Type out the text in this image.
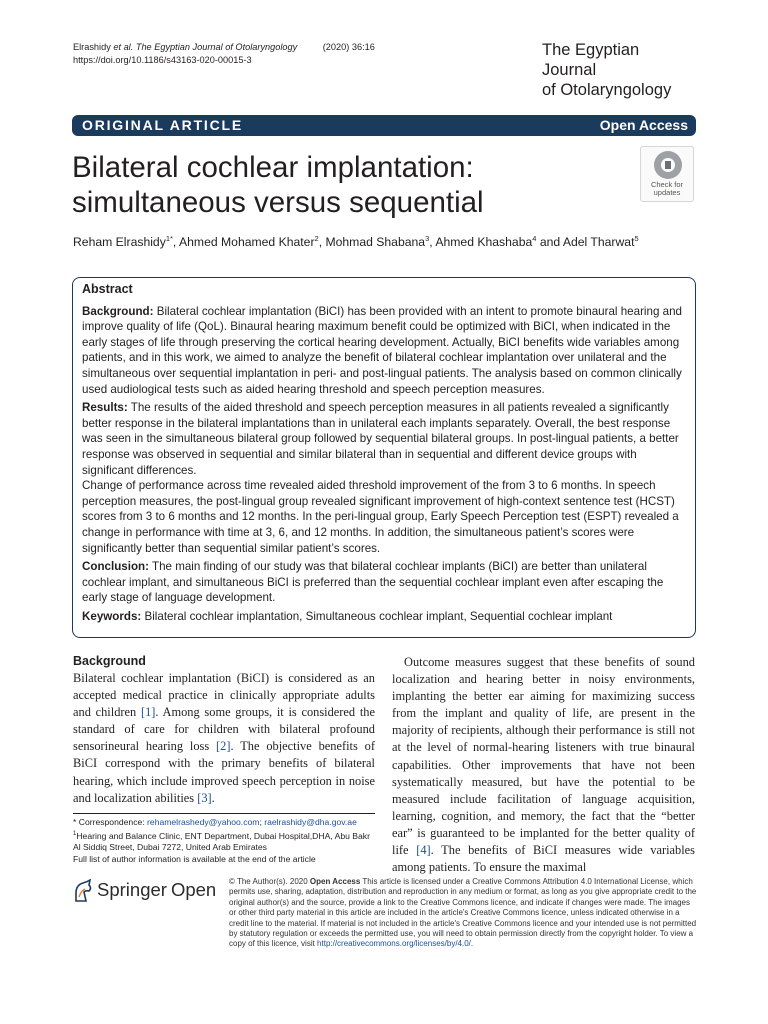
Elrashidy et al. The Egyptian Journal of Otolaryngology	(2020) 36:16
https://doi.org/10.1186/s43163-020-00015-3
The Egyptian Journal
of Otolaryngology
ORIGINAL ARTICLE	Open Access
Bilateral cochlear implantation:
simultaneous versus sequential
Check for
updates
Reham Elrashidy$^{1*}$, Ahmed Mohamed Khater$^2$, Mohmad Shabana$^3$, Ahmed Khashaba$^4$ and Adel Tharwat$^5$
Abstract

Background: Bilateral cochlear implantation (BiCI) has been provided with an intent to promote binaural hearing and improve quality of life (QoL). Binaural hearing maximum benefit could be optimized with BiCI, when indicated in the early stages of life through preserving the cortical hearing development. Actually, BiCI benefits wide variables among patients, and in this work, we aimed to analyze the benefit of bilateral cochlear implantation over unilateral and the simultaneous over sequential implantation in peri- and post-lingual patients. The analysis based on common clinically used audiological tests such as aided hearing threshold and speech perception measures.

Results: The results of the aided threshold and speech perception measures in all patients revealed a significantly better response in the bilateral implantations than in unilateral each implants separately. Overall, the best response was seen in the simultaneous bilateral group followed by sequential bilateral groups. In post-lingual patients, a better response was observed in sequential and similar bilateral than in sequential and different device groups with significant differences.

Change of performance across time revealed aided threshold improvement of the from 3 to 6 months. In speech perception measures, the post-lingual group revealed significant improvement of high-context sentence test (HCST) scores from 3 to 6 months and 12 months. In the peri-lingual group, Early Speech Perception test (ESPT) revealed a change in performance with time at 3, 6, and 12 months. In addition, the simultaneous patient’s scores were significantly better than sequential similar patient’s scores.

Conclusion: The main finding of our study was that bilateral cochlear implants (BiCI) are better than unilateral cochlear implant, and simultaneous BiCI is preferred than the sequential cochlear implant even after escaping the early stage of language development.

Keywords: Bilateral cochlear implantation, Simultaneous cochlear implant, Sequential cochlear implant

Background

Bilateral cochlear implantation (BiCI) is considered as an accepted medical practice in clinically appropriate adults and children [1]. Among some groups, it is considered the standard of care for children with bilateral profound sensorineural hearing loss [2]. The objective benefits of BiCI correspond with the primary benefits of bilateral hearing, which include improved speech perception in noise and localization abilities [3].

Outcome measures suggest that these benefits of sound localization and hearing better in noisy environments, implanting the better ear aiming for maximizing success from the implant and quality of life, are present in the majority of recipients, although their performance is still not at the level of normal-hearing listeners with true binaural capabilities. Other improvements that have not been systematically measured, but have the potential to be measured include facilitation of language acquisition, learning, cognition, and memory, the fact that the “better ear” is guaranteed to be implanted for the better quality of life [4]. The benefits of BiCI measures wide variables among patients. To ensure the maximal

* Correspondence: rehamelrashedy@yahoo.com; raelrashidy@dha.gov.ae
$^1$Hearing and Balance Clinic, ENT Department, Dubai Hospital,DHA, Abu Bakr Al Siddiq Street, Dubai 7272, United Arab Emirates
Full list of author information is available at the end of the article
Springer Open © The Author(s). 2020 Open Access This article is licensed under a Creative Commons Attribution 4.0 International License, which permits use, sharing, adaptation, distribution and reproduction in any medium or format, as long as you give appropriate credit to the original author(s) and the source, provide a link to the Creative Commons licence, and indicate if changes were made. The images or other third party material in this article are included in the article's Creative Commons licence, unless indicated otherwise in a credit line to the material. If material is not included in the article's Creative Commons licence and your intended use is not permitted by statutory regulation or exceeds the permitted use, you will need to obtain permission directly from the copyright holder. To view a copy of this licence, visit http://creativecommons.org/licenses/by/4.0/.
